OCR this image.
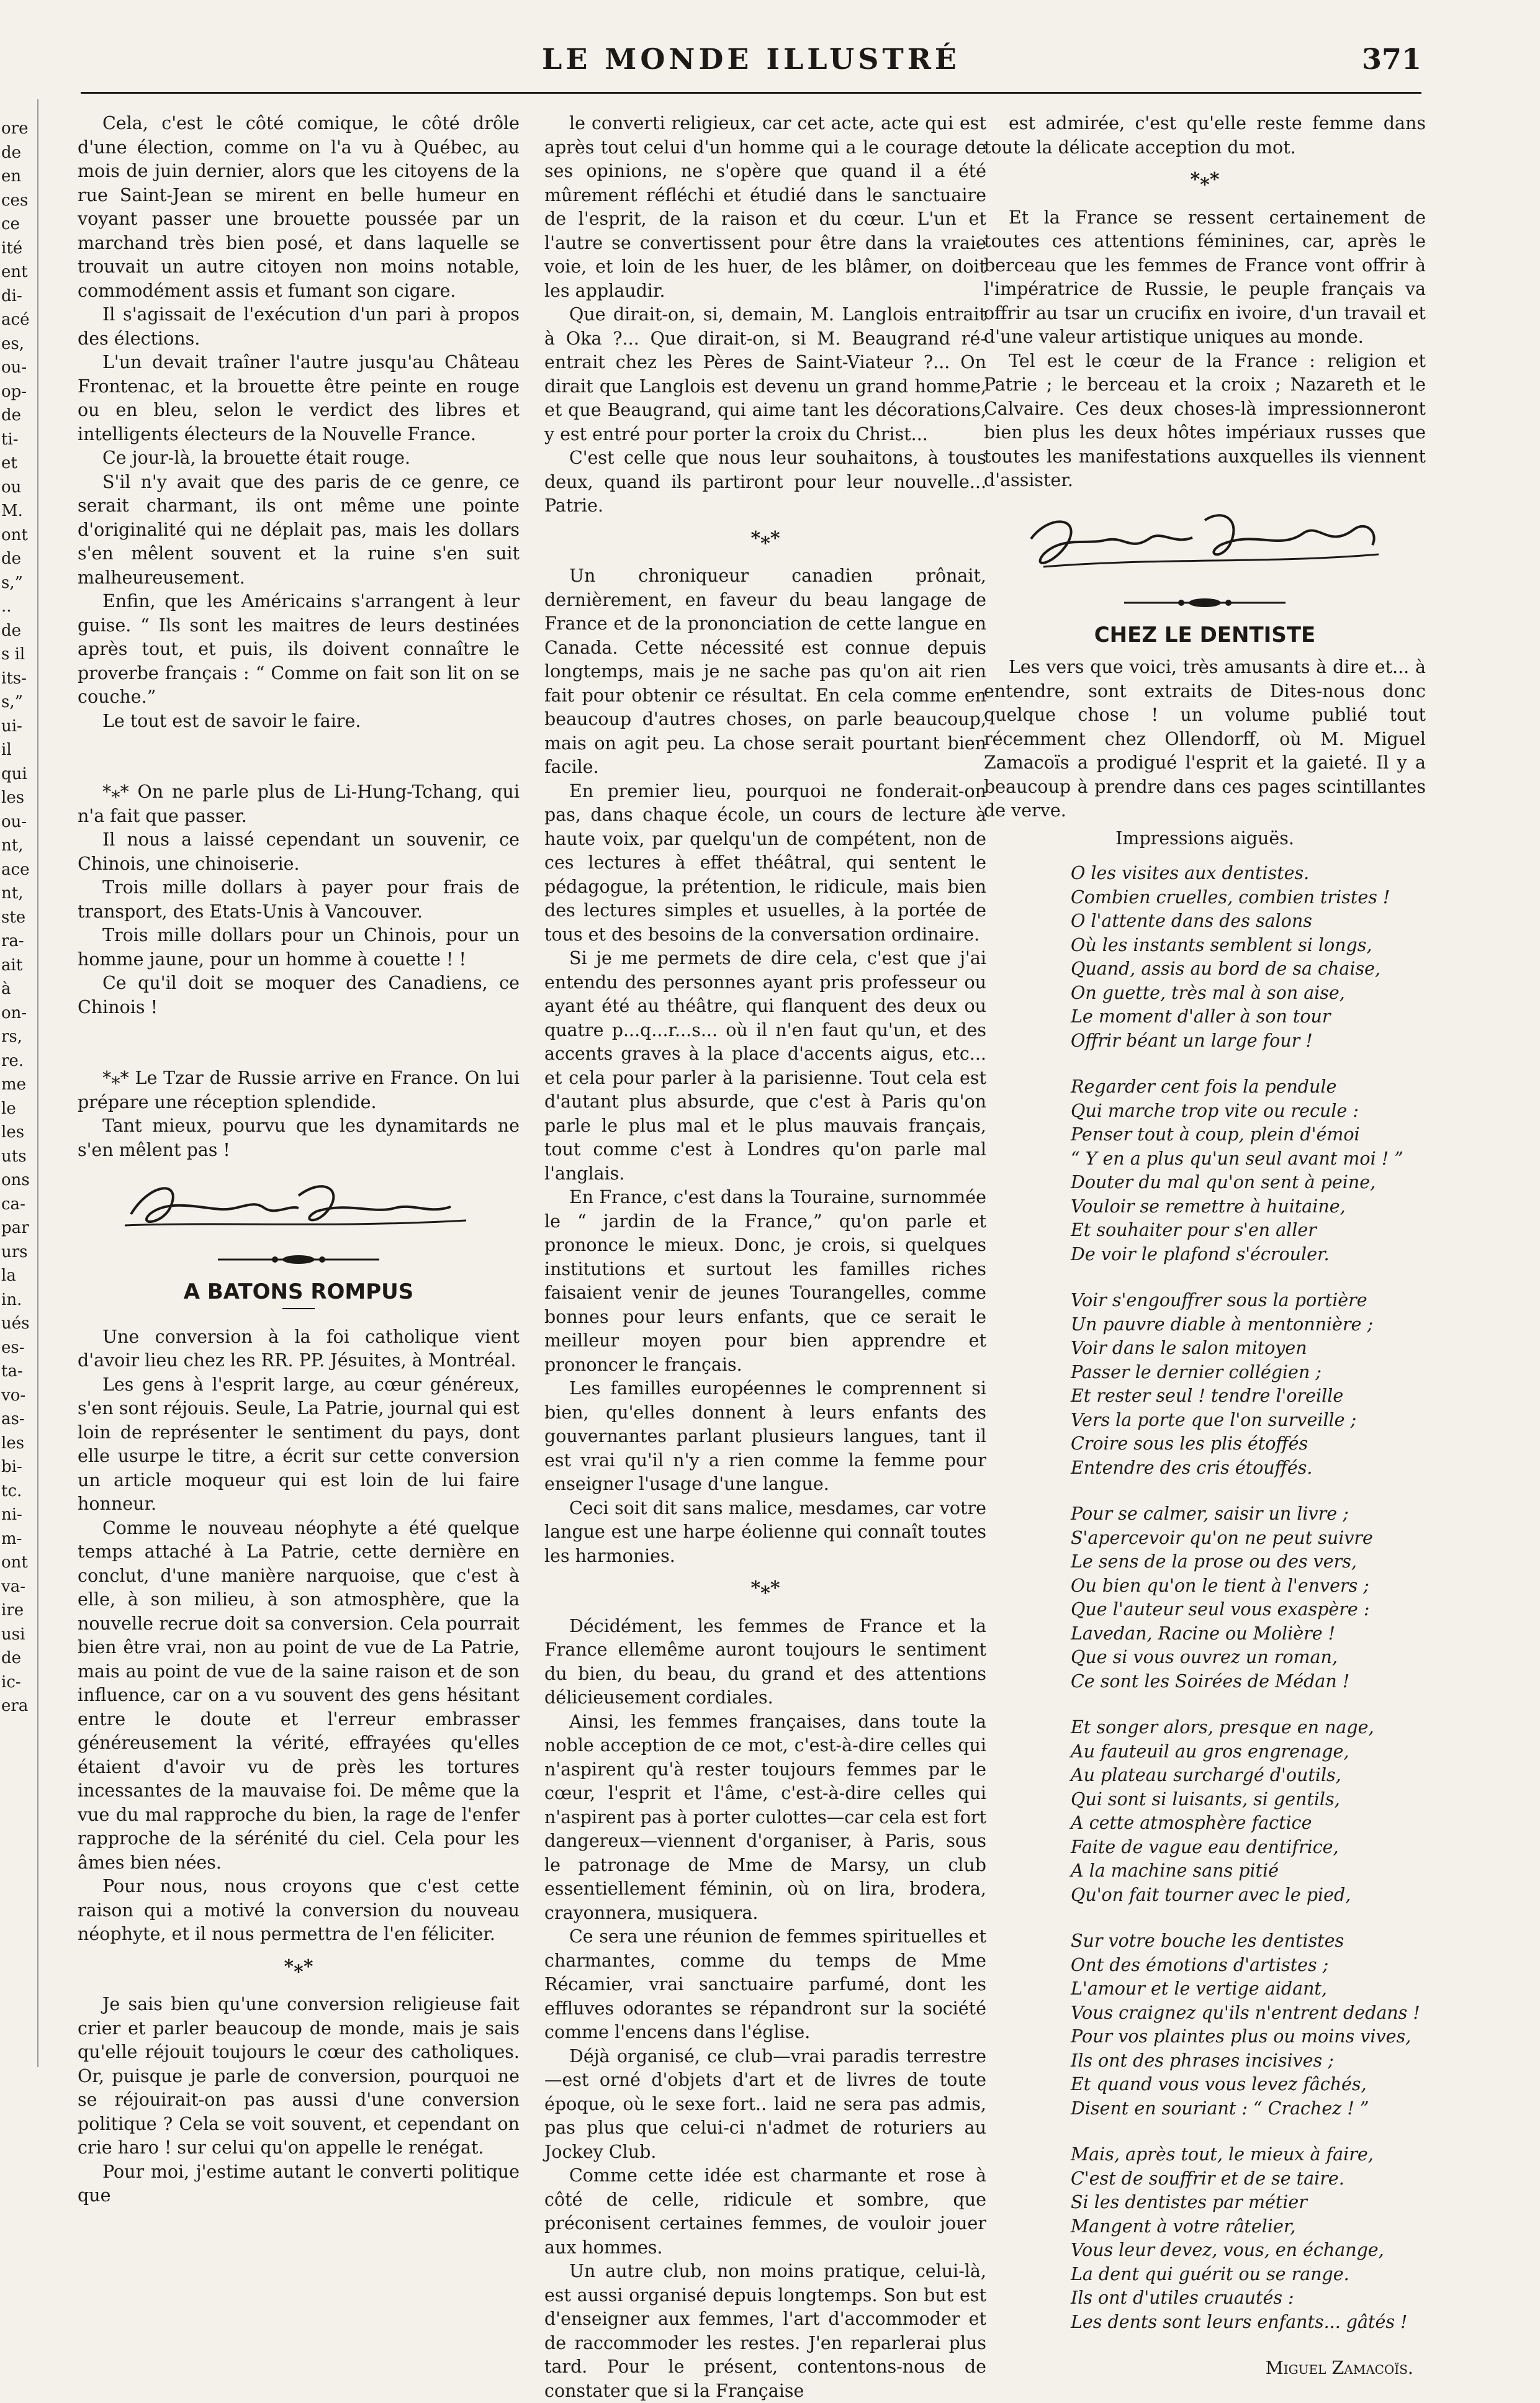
LE MONDE ILLUSTRÉ	371
ore
de
en
ces
ce
ité
ent
di-
acé
es,
ou-
op-
de
ti-
et
ou
M.
ont
de
s,”
..
de
s il
its-
s,”
ui-
il
qui
les
ou-
nt,
ace
nt,
ste
ra-
ait
à
on-
rs,
re.
me
le
les
uts
ons
ca-
par
urs
la
in.
ués
es-
ta-
vo-
as-
les
bi-
tc.
ni-
m-
ont
va-
ire
usi
de
ic-
era

Cela, c'est le côté comique, le côté drôle d'une élection, comme on l'a vu à Québec, au mois de juin dernier, alors que les citoyens de la rue Saint-Jean se mirent en belle humeur en voyant passer une brouette poussée par un marchand très bien posé, et dans laquelle se trouvait un autre citoyen non moins notable, commodément assis et fumant son cigare.

Il s'agissait de l'exécution d'un pari à propos des élections.

L'un devait traîner l'autre jusqu'au Château Frontenac, et la brouette être peinte en rouge ou en bleu, selon le verdict des libres et intelligents électeurs de la Nouvelle France.

Ce jour-là, la brouette était rouge.

S'il n'y avait que des paris de ce genre, ce serait charmant, ils ont même une pointe d'originalité qui ne déplait pas, mais les dollars s'en mêlent souvent et la ruine s'en suit malheureusement.

Enfin, que les Américains s'arrangent à leur guise. “ Ils sont les maitres de leurs destinées après tout, et puis, ils doivent connaître le proverbe français : “ Comme on fait son lit on se couche.”

Le tout est de savoir le faire.

*⁎* On ne parle plus de Li-Hung-Tchang, qui n'a fait que passer.

Il nous a laissé cependant un souvenir, ce Chinois, une chinoiserie.

Trois mille dollars à payer pour frais de transport, des Etats-Unis à Vancouver.

Trois mille dollars pour un Chinois, pour un homme jaune, pour un homme à couette ! !

Ce qu'il doit se moquer des Canadiens, ce Chinois !

*⁎* Le Tzar de Russie arrive en France. On lui prépare une réception splendide.

Tant mieux, pourvu que les dynamitards ne s'en mêlent pas !

A BATONS ROMPUS

Une conversion à la foi catholique vient d'avoir lieu chez les RR. PP. Jésuites, à Montréal.

Les gens à l'esprit large, au cœur généreux, s'en sont réjouis. Seule, La Patrie, journal qui est loin de représenter le sentiment du pays, dont elle usurpe le titre, a écrit sur cette conversion un article moqueur qui est loin de lui faire honneur.

Comme le nouveau néophyte a été quelque temps attaché à La Patrie, cette dernière en conclut, d'une manière narquoise, que c'est à elle, à son milieu, à son atmosphère, que la nouvelle recrue doit sa conversion. Cela pourrait bien être vrai, non au point de vue de La Patrie, mais au point de vue de la saine raison et de son influence, car on a vu souvent des gens hésitant entre le doute et l'erreur embrasser généreusement la vérité, effrayées qu'elles étaient d'avoir vu de près les tortures incessantes de la mauvaise foi. De même que la vue du mal rapproche du bien, la rage de l'enfer rapproche de la sérénité du ciel. Cela pour les âmes bien nées.

Pour nous, nous croyons que c'est cette raison qui a motivé la conversion du nouveau néophyte, et il nous permettra de l'en féliciter.

*⁎*

Je sais bien qu'une conversion religieuse fait crier et parler beaucoup de monde, mais je sais qu'elle réjouit toujours le cœur des catholiques. Or, puisque je parle de conversion, pourquoi ne se réjouirait-on pas aussi d'une conversion politique ? Cela se voit souvent, et cependant on crie haro ! sur celui qu'on appelle le renégat.

Pour moi, j'estime autant le converti politique que

le converti religieux, car cet acte, acte qui est après tout celui d'un homme qui a le courage de ses opinions, ne s'opère que quand il a été mûrement réfléchi et étudié dans le sanctuaire de l'esprit, de la raison et du cœur. L'un et l'autre se convertissent pour être dans la vraie voie, et loin de les huer, de les blâmer, on doit les applaudir.

Que dirait-on, si, demain, M. Langlois entrait à Oka ?... Que dirait-on, si M. Beaugrand ré-entrait chez les Pères de Saint-Viateur ?... On dirait que Langlois est devenu un grand homme, et que Beaugrand, qui aime tant les décorations, y est entré pour porter la croix du Christ...

C'est celle que nous leur souhaitons, à tous deux, quand ils partiront pour leur nouvelle... Patrie.

*⁎*

Un chroniqueur canadien prônait, dernièrement, en faveur du beau langage de France et de la prononciation de cette langue en Canada. Cette nécessité est connue depuis longtemps, mais je ne sache pas qu'on ait rien fait pour obtenir ce résultat. En cela comme en beaucoup d'autres choses, on parle beaucoup, mais on agit peu. La chose serait pourtant bien facile.

En premier lieu, pourquoi ne fonderait-on pas, dans chaque école, un cours de lecture à haute voix, par quelqu'un de compétent, non de ces lectures à effet théâtral, qui sentent le pédagogue, la prétention, le ridicule, mais bien des lectures simples et usuelles, à la portée de tous et des besoins de la conversation ordinaire.

Si je me permets de dire cela, c'est que j'ai entendu des personnes ayant pris professeur ou ayant été au théâtre, qui flanquent des deux ou quatre p...q...r...s... où il n'en faut qu'un, et des accents graves à la place d'accents aigus, etc... et cela pour parler à la parisienne. Tout cela est d'autant plus absurde, que c'est à Paris qu'on parle le plus mal et le plus mauvais français, tout comme c'est à Londres qu'on parle mal l'anglais.

En France, c'est dans la Touraine, surnommée le “ jardin de la France,” qu'on parle et prononce le mieux. Donc, je crois, si quelques institutions et surtout les familles riches faisaient venir de jeunes Tourangelles, comme bonnes pour leurs enfants, que ce serait le meilleur moyen pour bien apprendre et prononcer le français.

Les familles européennes le comprennent si bien, qu'elles donnent à leurs enfants des gouvernantes parlant plusieurs langues, tant il est vrai qu'il n'y a rien comme la femme pour enseigner l'usage d'une langue.

Ceci soit dit sans malice, mesdames, car votre langue est une harpe éolienne qui connaît toutes les harmonies.

*⁎*

Décidément, les femmes de France et la France ellemême auront toujours le sentiment du bien, du beau, du grand et des attentions délicieusement cordiales.

Ainsi, les femmes françaises, dans toute la noble acception de ce mot, c'est-à-dire celles qui n'aspirent qu'à rester toujours femmes par le cœur, l'esprit et l'âme, c'est-à-dire celles qui n'aspirent pas à porter culottes—car cela est fort dangereux—viennent d'organiser, à Paris, sous le patronage de Mme de Marsy, un club essentiellement féminin, où on lira, brodera, crayonnera, musiquera.

Ce sera une réunion de femmes spirituelles et charmantes, comme du temps de Mme Récamier, vrai sanctuaire parfumé, dont les effluves odorantes se répandront sur la société comme l'encens dans l'église.

Déjà organisé, ce club—vrai paradis terrestre—est orné d'objets d'art et de livres de toute époque, où le sexe fort.. laid ne sera pas admis, pas plus que celui-ci n'admet de roturiers au Jockey Club.

Comme cette idée est charmante et rose à côté de celle, ridicule et sombre, que préconisent certaines femmes, de vouloir jouer aux hommes.

Un autre club, non moins pratique, celui-là, est aussi organisé depuis longtemps. Son but est d'enseigner aux femmes, l'art d'accommoder et de raccommoder les restes. J'en reparlerai plus tard. Pour le présent, contentons-nous de constater que si la Française

est admirée, c'est qu'elle reste femme dans toute la délicate acception du mot.

*⁎*

Et la France se ressent certainement de toutes ces attentions féminines, car, après le berceau que les femmes de France vont offrir à l'impératrice de Russie, le peuple français va offrir au tsar un crucifix en ivoire, d'un travail et d'une valeur artistique uniques au monde.

Tel est le cœur de la France : religion et Patrie ; le berceau et la croix ; Nazareth et le Calvaire. Ces deux choses-là impressionneront bien plus les deux hôtes impériaux russes que toutes les manifestations auxquelles ils viennent d'assister.

CHEZ LE DENTISTE

Les vers que voici, très amusants à dire et... à entendre, sont extraits de Dites-nous donc quelque chose ! un volume publié tout récemment chez Ollendorff, où M. Miguel Zamacoïs a prodigué l'esprit et la gaieté. Il y a beaucoup à prendre dans ces pages scintillantes de verve.

Impressions aiguës.
O les visites aux dentistes.
Combien cruelles, combien tristes !
O l'attente dans des salons
Où les instants semblent si longs,
Quand, assis au bord de sa chaise,
On guette, très mal à son aise,
Le moment d'aller à son tour
Offrir béant un large four !
Regarder cent fois la pendule
Qui marche trop vite ou recule :
Penser tout à coup, plein d'émoi
“ Y en a plus qu'un seul avant moi ! ”
Douter du mal qu'on sent à peine,
Vouloir se remettre à huitaine,
Et souhaiter pour s'en aller
De voir le plafond s'écrouler.
Voir s'engouffrer sous la portière
Un pauvre diable à mentonnière ;
Voir dans le salon mitoyen
Passer le dernier collégien ;
Et rester seul ! tendre l'oreille
Vers la porte que l'on surveille ;
Croire sous les plis étoffés
Entendre des cris étouffés.
Pour se calmer, saisir un livre ;
S'apercevoir qu'on ne peut suivre
Le sens de la prose ou des vers,
Ou bien qu'on le tient à l'envers ;
Que l'auteur seul vous exaspère :
Lavedan, Racine ou Molière !
Que si vous ouvrez un roman,
Ce sont les Soirées de Médan !
Et songer alors, presque en nage,
Au fauteuil au gros engrenage,
Au plateau surchargé d'outils,
Qui sont si luisants, si gentils,
A cette atmosphère factice
Faite de vague eau dentifrice,
A la machine sans pitié
Qu'on fait tourner avec le pied,
Sur votre bouche les dentistes
Ont des émotions d'artistes ;
L'amour et le vertige aidant,
Vous craignez qu'ils n'entrent dedans !
Pour vos plaintes plus ou moins vives,
Ils ont des phrases incisives ;
Et quand vous vous levez fâchés,
Disent en souriant : “ Crachez ! ”
Mais, après tout, le mieux à faire,
C'est de souffrir et de se taire.
Si les dentistes par métier
Mangent à votre râtelier,
Vous leur devez, vous, en échange,
La dent qui guérit ou se range.
Ils ont d'utiles cruautés :
Les dents sont leurs enfants... gâtés !
Miguel Zamacoïs.
